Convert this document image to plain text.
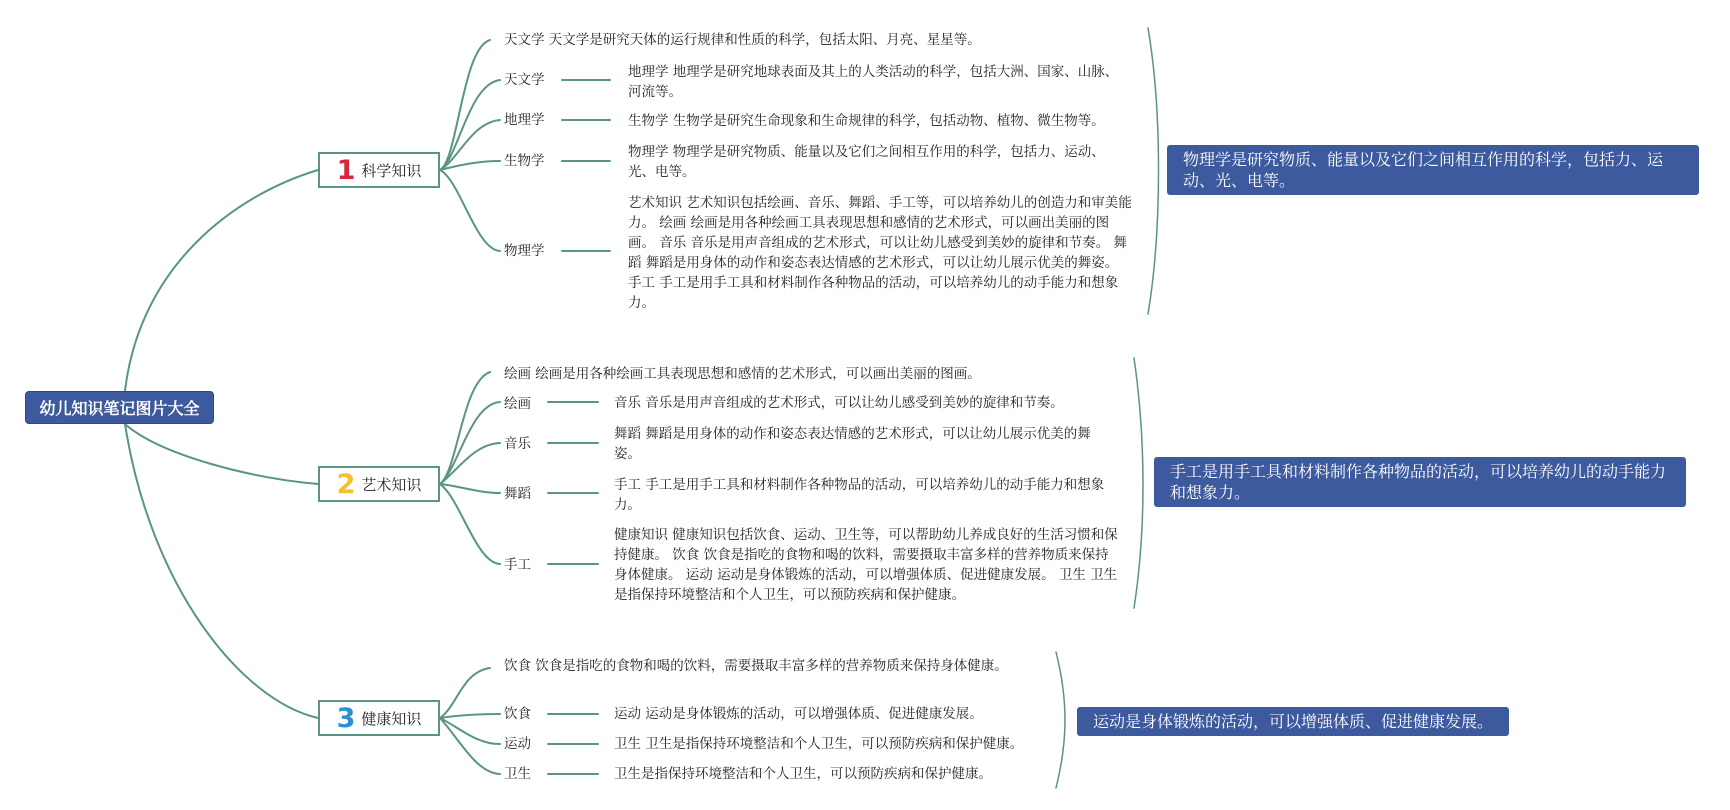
幼儿知识笔记图片大全
1 科学知识
天文学 天文学是研究天体的运行规律和性质的科学，包括太阳、月亮、星星等。
天文学
地理学
生物学
物理学
地理学 地理学是研究地球表面及其上的人类活动的科学，包括大洲、国家、山脉、河流等。
生物学 生物学是研究生命现象和生命规律的科学，包括动物、植物、微生物等。
物理学 物理学是研究物质、能量以及它们之间相互作用的科学，包括力、运动、光、电等。
艺术知识 艺术知识包括绘画、音乐、舞蹈、手工等，可以培养幼儿的创造力和审美能力。 绘画 绘画是用各种绘画工具表现思想和感情的艺术形式，可以画出美丽的图画。 音乐 音乐是用声音组成的艺术形式，可以让幼儿感受到美妙的旋律和节奏。 舞蹈 舞蹈是用身体的动作和姿态表达情感的艺术形式，可以让幼儿展示优美的舞姿。 手工 手工是用手工具和材料制作各种物品的活动，可以培养幼儿的动手能力和想象力。
物理学是研究物质、能量以及它们之间相互作用的科学，包括力、运动、光、电等。
2 艺术知识
绘画 绘画是用各种绘画工具表现思想和感情的艺术形式，可以画出美丽的图画。
绘画
音乐
舞蹈
手工
音乐 音乐是用声音组成的艺术形式，可以让幼儿感受到美妙的旋律和节奏。
舞蹈 舞蹈是用身体的动作和姿态表达情感的艺术形式，可以让幼儿展示优美的舞姿。
手工 手工是用手工具和材料制作各种物品的活动，可以培养幼儿的动手能力和想象力。
健康知识 健康知识包括饮食、运动、卫生等，可以帮助幼儿养成良好的生活习惯和保持健康。 饮食 饮食是指吃的食物和喝的饮料，需要摄取丰富多样的营养物质来保持身体健康。 运动 运动是身体锻炼的活动，可以增强体质、促进健康发展。 卫生 卫生是指保持环境整洁和个人卫生，可以预防疾病和保护健康。
手工是用手工具和材料制作各种物品的活动，可以培养幼儿的动手能力和想象力。
3 健康知识
饮食 饮食是指吃的食物和喝的饮料，需要摄取丰富多样的营养物质来保持身体健康。
饮食
运动
卫生
运动 运动是身体锻炼的活动，可以增强体质、促进健康发展。
卫生 卫生是指保持环境整洁和个人卫生，可以预防疾病和保护健康。
卫生是指保持环境整洁和个人卫生，可以预防疾病和保护健康。
运动是身体锻炼的活动，可以增强体质、促进健康发展。
